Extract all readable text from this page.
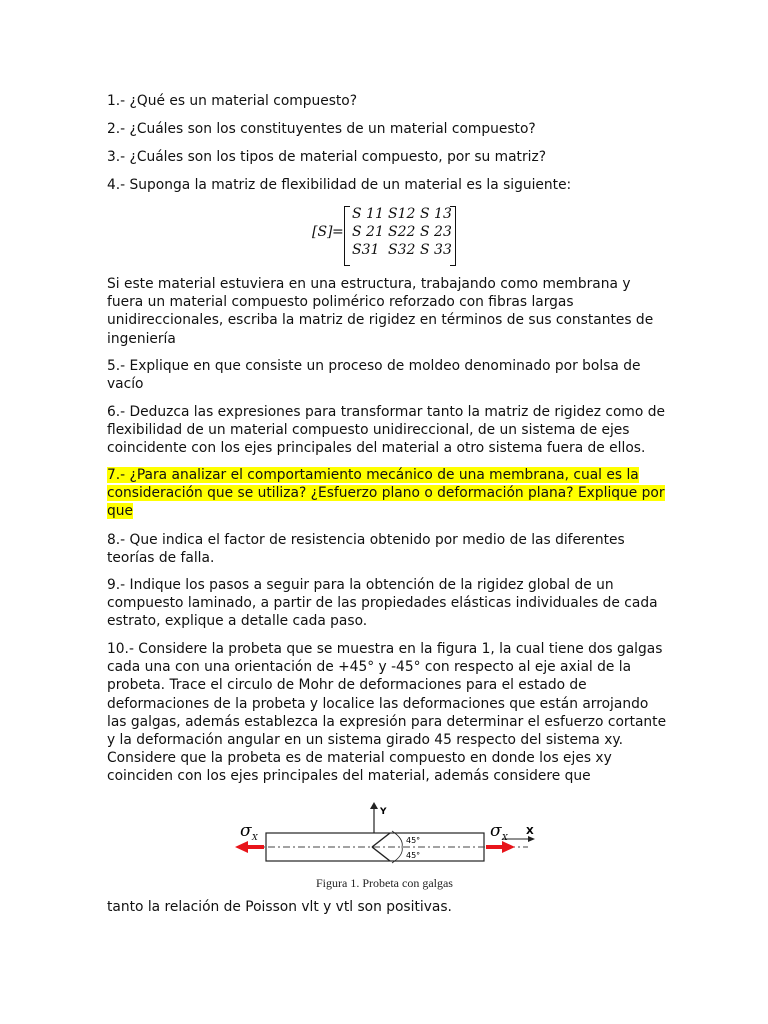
1.- ¿Qué es un material compuesto?

2.- ¿Cuáles son los constituyentes de un material compuesto?

3.- ¿Cuáles son los tipos de material compuesto, por su matriz?

4.- Suponga la matriz de flexibilidad de un material es la siguiente:

[S] =
S 11 S12 S 13
S 21 S22 S 23
S31 S32 S 33

Si este material estuviera en una estructura, trabajando como membrana y fuera un material compuesto polimérico reforzado con fibras largas unidireccionales, escriba la matriz de rigidez en términos de sus constantes de ingeniería

5.- Explique en que consiste un proceso de moldeo denominado por bolsa de vacío

6.- Deduzca las expresiones para transformar tanto la matriz de rigidez como de flexibilidad de un material compuesto unidireccional, de un sistema de ejes coincidente con los ejes principales del material a otro sistema fuera de ellos.

7.- ¿Para analizar el comportamiento mecánico de una membrana, cual es la consideración que se utiliza? ¿Esfuerzo plano o deformación plana? Explique por que

8.- Que indica el factor de resistencia obtenido por medio de las diferentes teorías de falla.

9.- Indique los pasos a seguir para la obtención de la rigidez global de un compuesto laminado, a partir de las propiedades elásticas individuales de cada estrato, explique a detalle cada paso.

10.- Considere la probeta que se muestra en la figura 1, la cual tiene dos galgas cada una con una orientación de +45° y -45° con respecto al eje axial de la probeta. Trace el circulo de Mohr de deformaciones para el estado de deformaciones de la probeta y localice las deformaciones que están arrojando las galgas, además establezca la expresión para determinar el esfuerzo cortante y la deformación angular en un sistema girado 45 respecto del sistema xy. Considere que la probeta es de material compuesto en donde los ejes xy coinciden con los ejes principales del material, además considere que

Y
X
45°
45°
σ X	σ X
Figura 1. Probeta con galgas

tanto la relación de Poisson vlt y vtl son positivas.
